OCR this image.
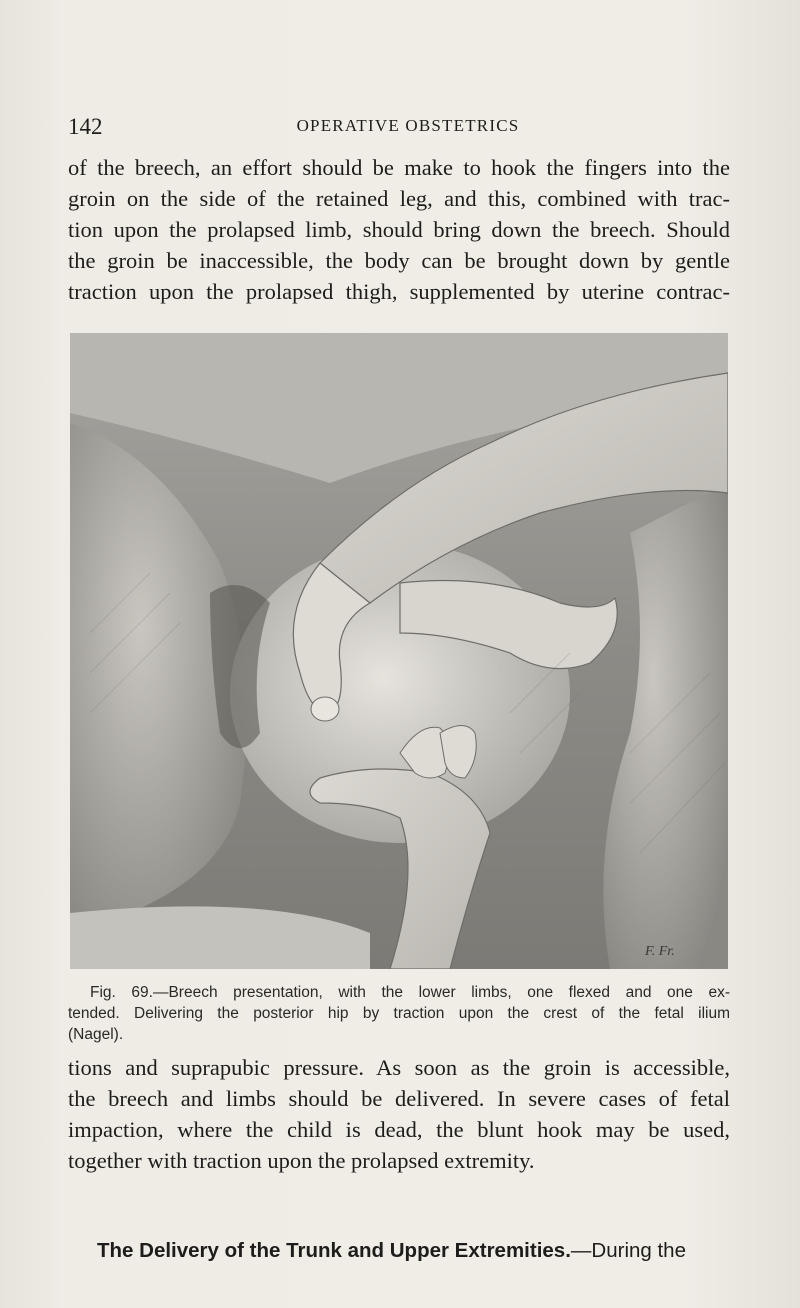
142	OPERATIVE OBSTETRICS
of the breech, an effort should be make to hook the fingers into the
groin on the side of the retained leg, and this, combined with trac-
tion upon the prolapsed limb, should bring down the breech. Should
the groin be inaccessible, the body can be brought down by gentle
traction upon the prolapsed thigh, supplemented by uterine contrac-
F. Fr.
Fig. 69.—Breech presentation, with the lower limbs, one flexed and one ex-
tended. Delivering the posterior hip by traction upon the crest of the fetal ilium
(Nagel).
tions and suprapubic pressure. As soon as the groin is accessible,
the breech and limbs should be delivered. In severe cases of fetal
impaction, where the child is dead, the blunt hook may be used,
together with traction upon the prolapsed extremity.
The Delivery of the Trunk and Upper Extremities.—During the
